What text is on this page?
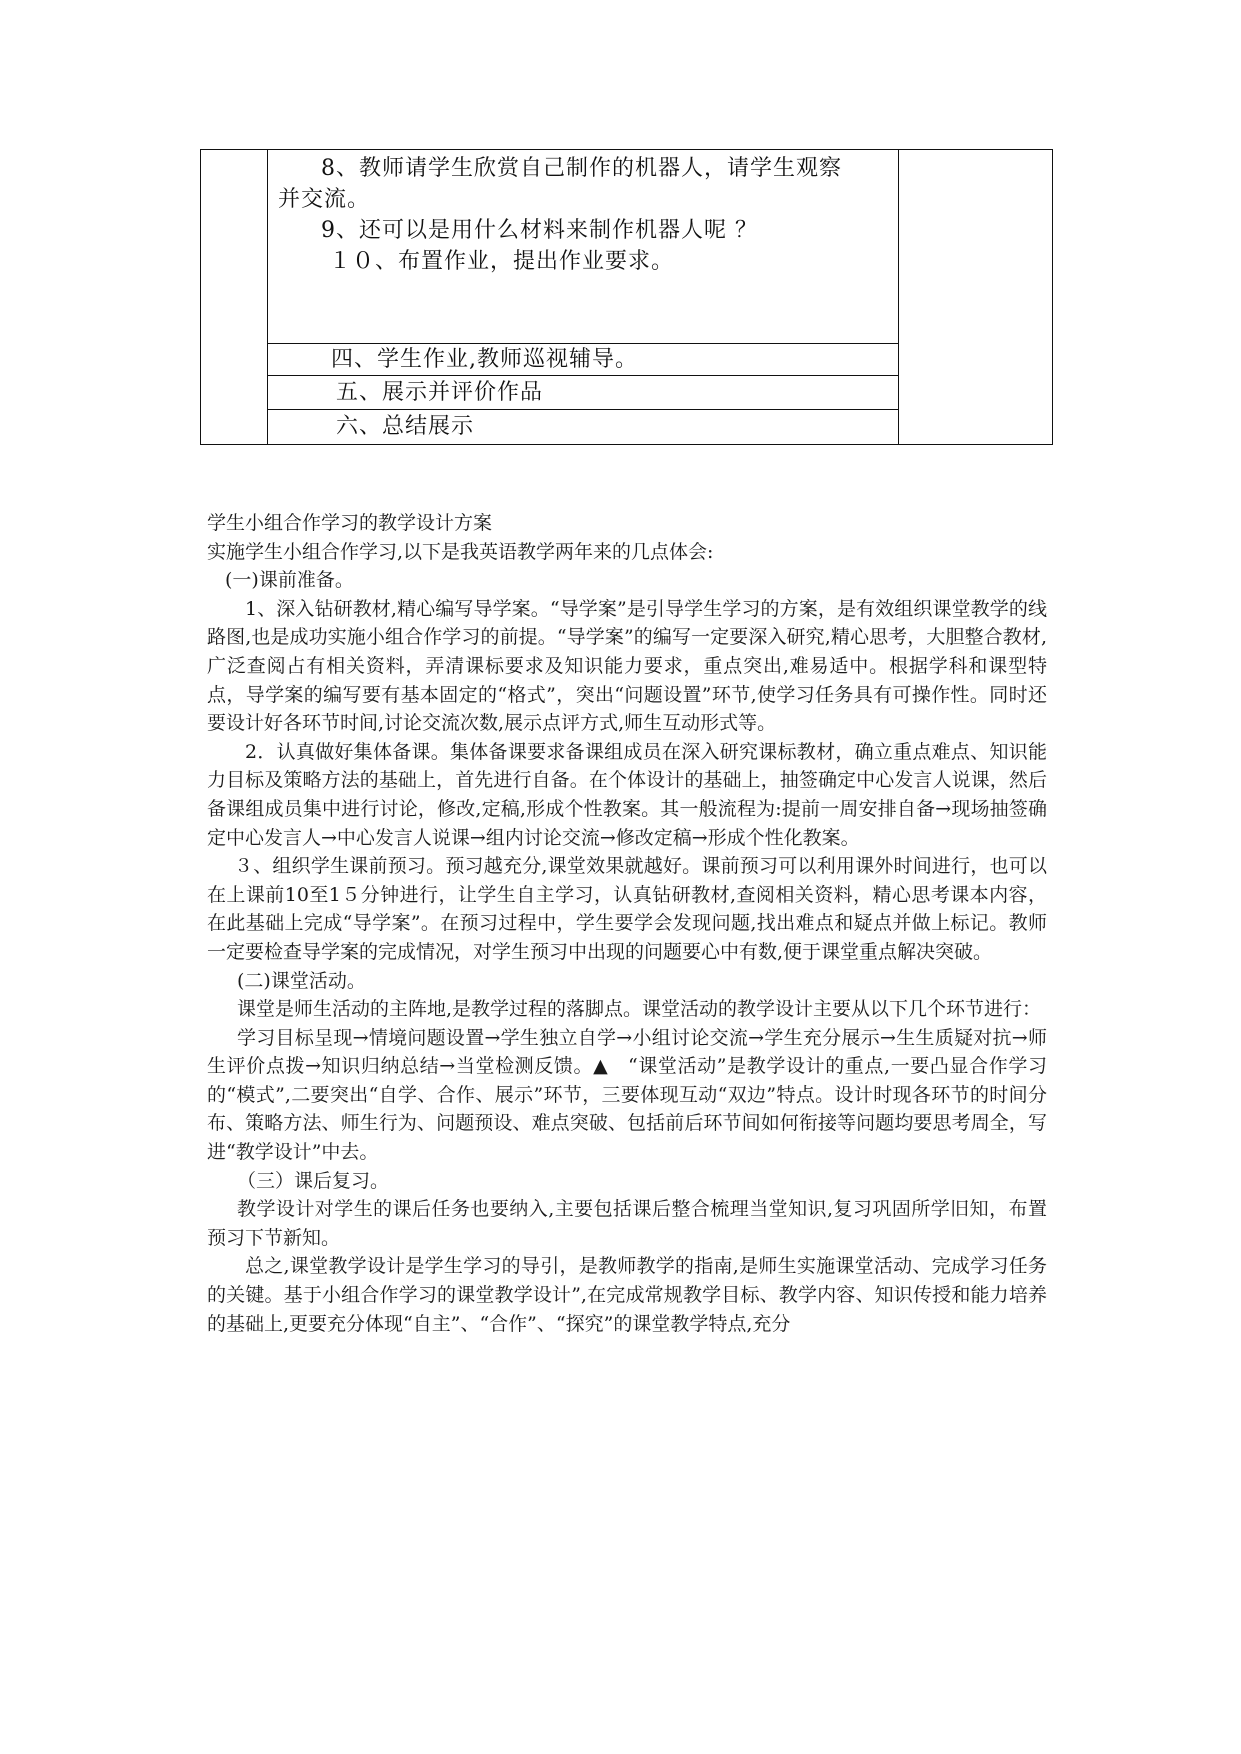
8、教师请学生欣赏自己制作的机器人，请学生观察
并交流。
9、还可以是用什么材料来制作机器人呢 ？
１０、布置作业，提出作业要求。
四、学生作业,教师巡视辅导。
五、展示并评价作品
六、总结展示

学生小组合作学习的教学设计方案

实施学生小组合作学习,以下是我英语教学两年来的几点体会:

(一)课前准备。

1、深入钻研教材,精心编写导学案。“导学案”是引导学生学习的方案，是有效组织课堂教学的线路图,也是成功实施小组合作学习的前提。“导学案”的编写一定要深入研究,精心思考，大胆整合教材,广泛查阅占有相关资料，弄清课标要求及知识能力要求，重点突出,难易适中。根据学科和课型特点，导学案的编写要有基本固定的“格式”，突出“问题设置”环节,使学习任务具有可操作性。同时还要设计好各环节时间,讨论交流次数,展示点评方式,师生互动形式等。

2．认真做好集体备课。集体备课要求备课组成员在深入研究课标教材，确立重点难点、知识能力目标及策略方法的基础上，首先进行自备。在个体设计的基础上，抽签确定中心发言人说课，然后备课组成员集中进行讨论，修改,定稿,形成个性教案。其一般流程为:提前一周安排自备→现场抽签确定中心发言人→中心发言人说课→组内讨论交流→修改定稿→形成个性化教案。

３、组织学生课前预习。预习越充分,课堂效果就越好。课前预习可以利用课外时间进行，也可以在上课前10至1５分钟进行，让学生自主学习，认真钻研教材,查阅相关资料，精心思考课本内容，在此基础上完成“导学案”。在预习过程中，学生要学会发现问题,找出难点和疑点并做上标记。教师一定要检查导学案的完成情况，对学生预习中出现的问题要心中有数,便于课堂重点解决突破。

(二)课堂活动。

课堂是师生活动的主阵地,是教学过程的落脚点。课堂活动的教学设计主要从以下几个环节进行：

学习目标呈现→情境问题设置→学生独立自学→小组讨论交流→学生充分展示→生生质疑对抗→师生评价点拨→知识归纳总结→当堂检测反馈。▲　“课堂活动”是教学设计的重点,一要凸显合作学习的“模式”,二要突出“自学、合作、展示”环节，三要体现互动“双边”特点。设计时现各环节的时间分布、策略方法、师生行为、问题预设、难点突破、包括前后环节间如何衔接等问题均要思考周全，写进“教学设计”中去。

（三）课后复习。

教学设计对学生的课后任务也要纳入,主要包括课后整合梳理当堂知识,复习巩固所学旧知，布置预习下节新知。

总之,课堂教学设计是学生学习的导引，是教师教学的指南,是师生实施课堂活动、完成学习任务的关键。基于小组合作学习的课堂教学设计”,在完成常规教学目标、教学内容、知识传授和能力培养的基础上,更要充分体现“自主”、“合作”、“探究”的课堂教学特点,充分
